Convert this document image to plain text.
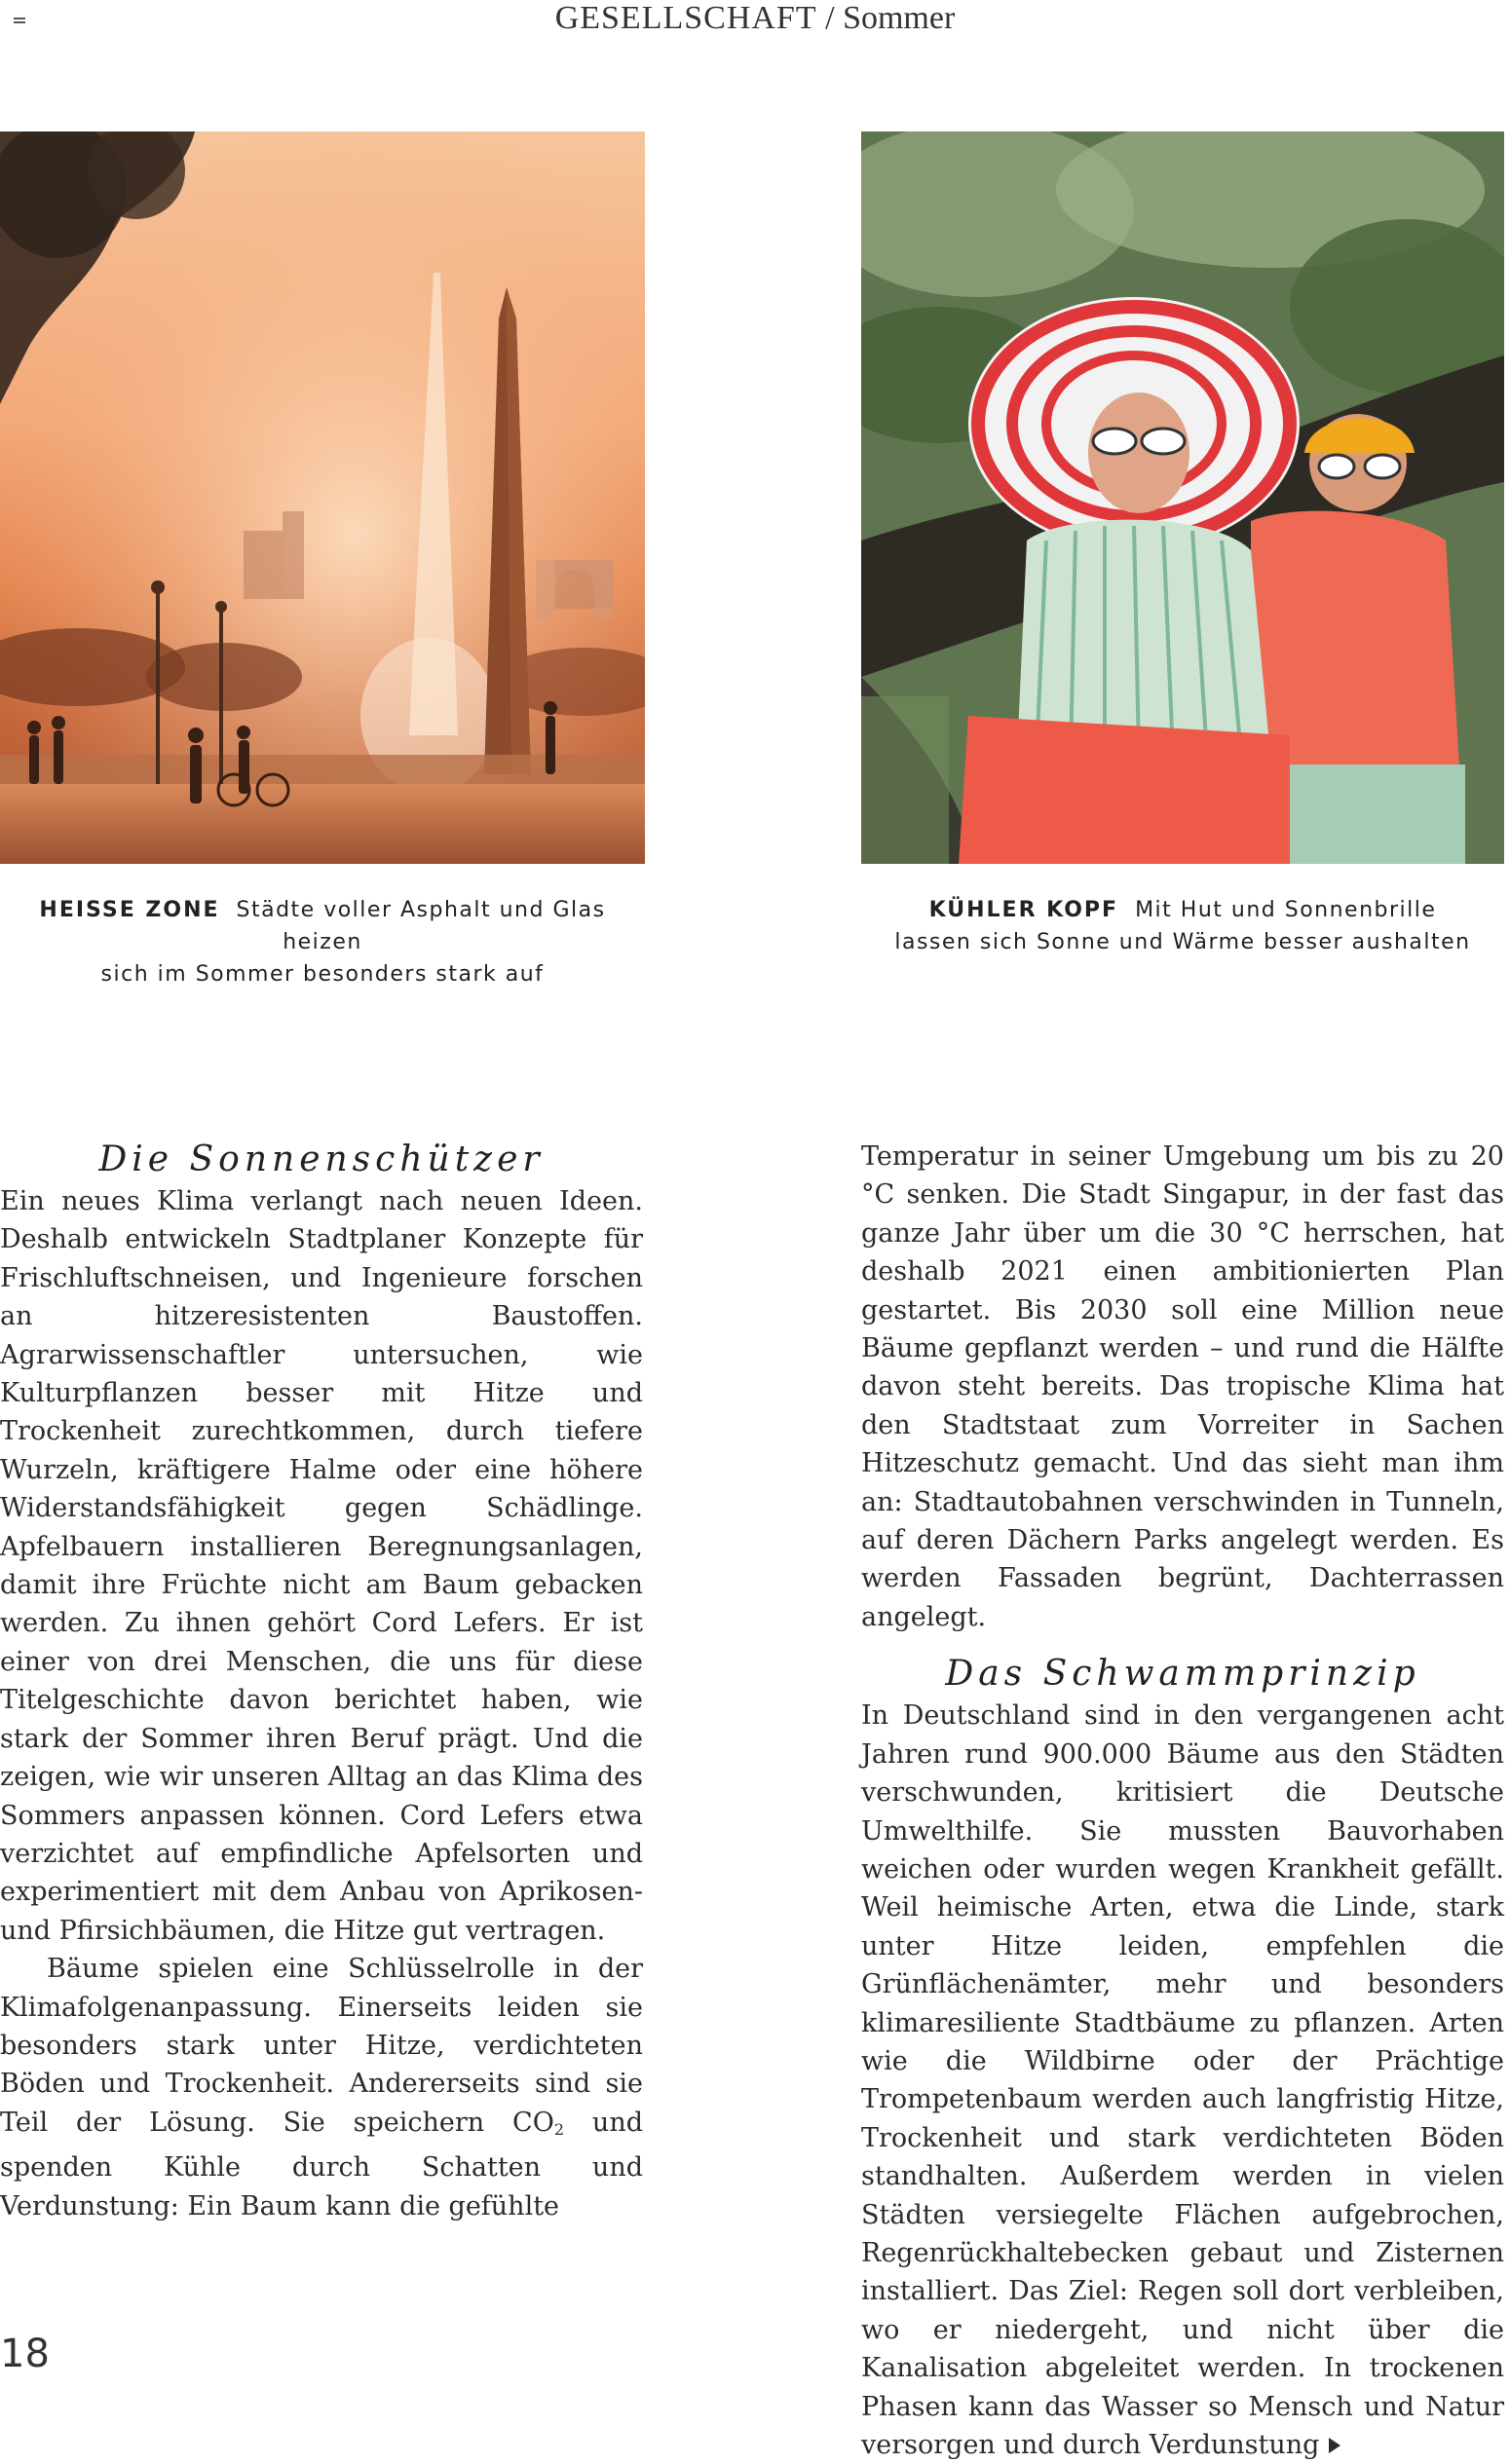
GESELLSCHAFT / Sommer
HEISSE ZONE Städte voller Asphalt und Glas heizen
sich im Sommer besonders stark auf
KÜHLER KOPF Mit Hut und Sonnenbrille
lassen sich Sonne und Wärme besser aushalten
Die Sonnenschützer

Ein neues Klima verlangt nach neuen Ideen. Deshalb entwickeln Stadtplaner Konzepte für Frischluftschneisen, und Ingenieure forschen an hitzeresistenten Baustoffen. Agrarwissenschaftler untersuchen, wie Kulturpflanzen besser mit Hitze und Trockenheit zurechtkommen, durch tiefere Wurzeln, kräftigere Halme oder eine höhere Widerstandsfähigkeit gegen Schädlinge. Apfelbauern installieren Beregnungsanlagen, damit ihre Früchte nicht am Baum gebacken werden. Zu ihnen gehört Cord Lefers. Er ist einer von drei Menschen, die uns für diese Titelgeschichte davon berichtet haben, wie stark der Sommer ihren Beruf prägt. Und die zeigen, wie wir unseren Alltag an das Klima des Sommers anpassen können. Cord Lefers etwa verzichtet auf empfindliche Apfelsorten und experimentiert mit dem Anbau von Aprikosen- und Pfirsichbäumen, die Hitze gut vertragen.

Bäume spielen eine Schlüsselrolle in der Klimafolgenanpassung. Einerseits leiden sie besonders stark unter Hitze, verdichteten Böden und Trockenheit. Andererseits sind sie Teil der Lösung. Sie speichern $CO_2$ und spenden Kühle durch Schatten und Verdunstung: Ein Baum kann die gefühlte

Temperatur in seiner Umgebung um bis zu 20 °C senken. Die Stadt Singapur, in der fast das ganze Jahr über um die 30 °C herrschen, hat deshalb 2021 einen ambitionierten Plan gestartet. Bis 2030 soll eine Million neue Bäume gepflanzt werden – und rund die Hälfte davon steht bereits. Das tropische Klima hat den Stadtstaat zum Vorreiter in Sachen Hitzeschutz gemacht. Und das sieht man ihm an: Stadtautobahnen verschwinden in Tunneln, auf deren Dächern Parks angelegt werden. Es werden Fassaden begrünt, Dachterrassen angelegt.
Das Schwammprinzip

In Deutschland sind in den vergangenen acht Jahren rund 900.000 Bäume aus den Städten verschwunden, kritisiert die Deutsche Umwelthilfe. Sie mussten Bauvorhaben weichen oder wurden wegen Krankheit gefällt. Weil heimische Arten, etwa die Linde, stark unter Hitze leiden, empfehlen die Grünflächenämter, mehr und besonders klimaresiliente Stadtbäume zu pflanzen. Arten wie die Wildbirne oder der Prächtige Trompetenbaum werden auch langfristig Hitze, Trockenheit und stark verdichteten Böden standhalten. Außerdem werden in vielen Städten versiegelte Flächen aufgebrochen, Regenrückhaltebecken gebaut und Zisternen installiert. Das Ziel: Regen soll dort verbleiben, wo er niedergeht, und nicht über die Kanalisation abgeleitet werden. In trockenen Phasen kann das Wasser so Mensch und Natur versorgen und durch Verdunstung

18
